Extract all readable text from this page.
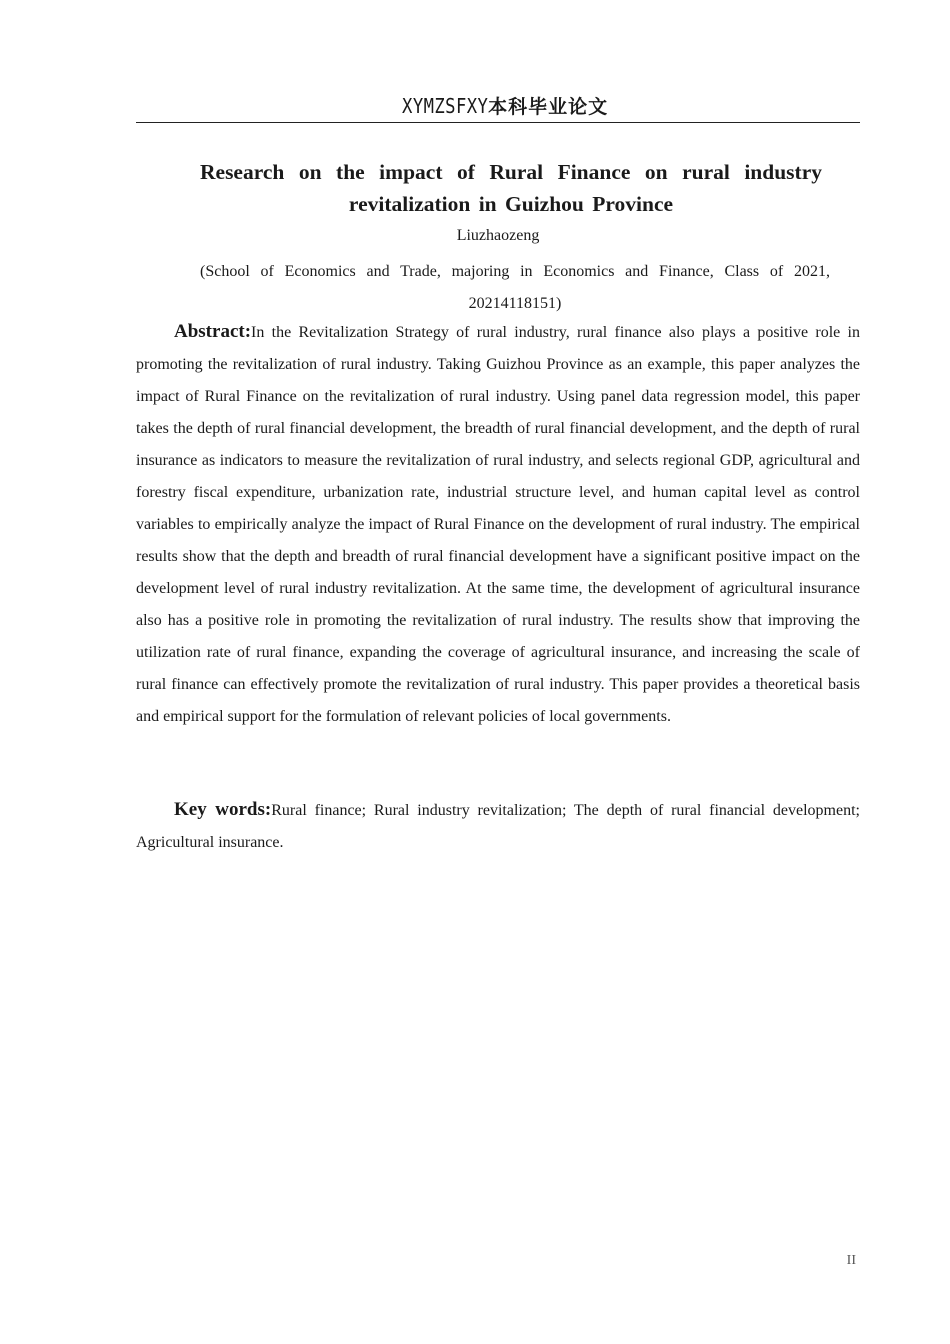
XYMZSFXY本科毕业论文
Research on the impact of Rural Finance on rural industry revitalization in Guizhou Province
Liuzhaozeng
(School of Economics and Trade, majoring in Economics and Finance, Class of 2021, 20214118151)

Abstract:In the Revitalization Strategy of rural industry, rural finance also plays a positive role in promoting the revitalization of rural industry. Taking Guizhou Province as an example, this paper analyzes the impact of Rural Finance on the revitalization of rural industry. Using panel data regression model, this paper takes the depth of rural financial development, the breadth of rural financial development, and the depth of rural insurance as indicators to measure the revitalization of rural industry, and selects regional GDP, agricultural and forestry fiscal expenditure, urbanization rate, industrial structure level, and human capital level as control variables to empirically analyze the impact of Rural Finance on the development of rural industry. The empirical results show that the depth and breadth of rural financial development have a significant positive impact on the development level of rural industry revitalization. At the same time, the development of agricultural insurance also has a positive role in promoting the revitalization of rural industry. The results show that improving the utilization rate of rural finance, expanding the coverage of agricultural insurance, and increasing the scale of rural finance can effectively promote the revitalization of rural industry. This paper provides a theoretical basis and empirical support for the formulation of relevant policies of local governments.

Key words:Rural finance; Rural industry revitalization; The depth of rural financial development; Agricultural insurance.

II
